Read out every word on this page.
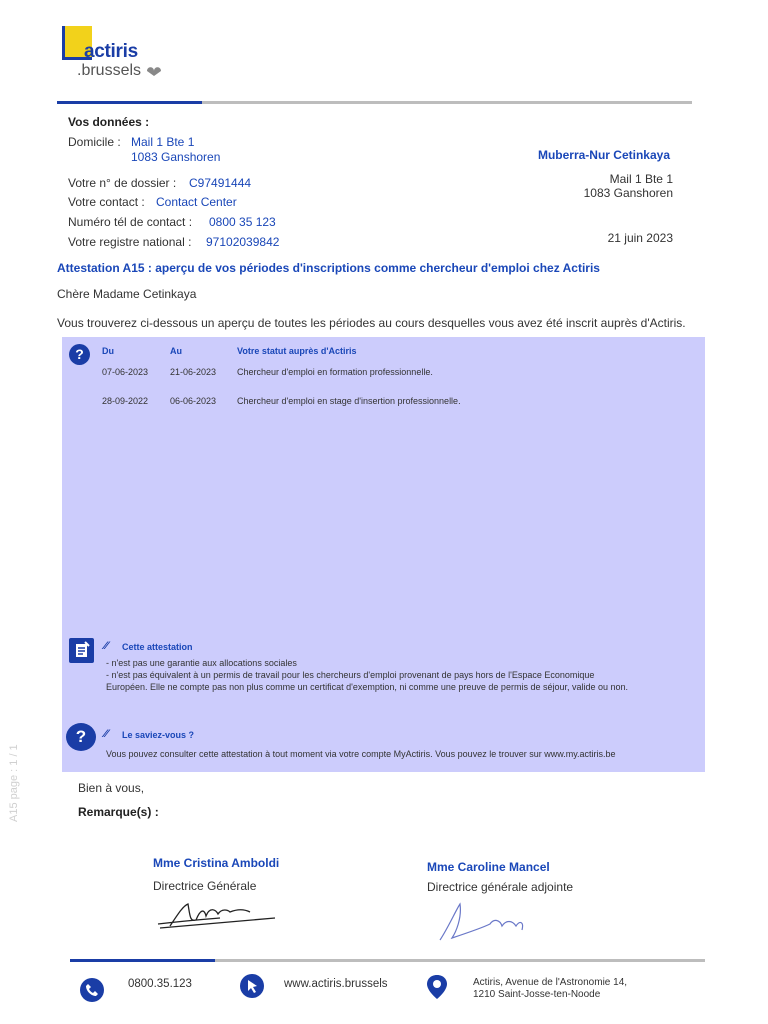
actiris
.brussels
Vos données :
Domicile : Mail 1 Bte 1
1083 Ganshoren
Votre n° de dossier : C97491444
Votre contact : Contact Center
Numéro tél de contact : 0800 35 123
Votre registre national : 97102039842
Muberra-Nur Cetinkaya
Mail 1 Bte 1
1083 Ganshoren
21 juin 2023
Attestation A15 : aperçu de vos périodes d'inscriptions comme chercheur d'emploi chez Actiris
Chère Madame Cetinkaya
Vous trouverez ci-dessous un aperçu de toutes les périodes au cours desquelles vous avez été inscrit auprès d'Actiris.
?	Du	Au	Votre statut auprès d'Actiris
07-06-2023 21-06-2023 Chercheur d'emploi en formation professionnelle.
28-09-2022 06-06-2023 Chercheur d'emploi en stage d'insertion professionnelle.
⁄⁄ Cette attestation
- n'est pas une garantie aux allocations sociales
- n'est pas équivalent à un permis de travail pour les chercheurs d'emploi provenant de pays hors de l'Espace Economique
Européen. Elle ne compte pas non plus comme un certificat d'exemption, ni comme une preuve de permis de séjour, valide ou non.
?	⁄⁄ Le saviez-vous ?
Vous pouvez consulter cette attestation à tout moment via votre compte MyActiris. Vous pouvez le trouver sur www.my.actiris.be
Bien à vous,
Remarque(s) :
Mme Cristina Amboldi
Directrice Générale
Mme Caroline Mancel
Directrice générale adjointe
A15 page : 1 / 1
0800.35.123	www.actiris.brussels	Actiris, Avenue de l'Astronomie 14,
1210 Saint-Josse-ten-Noode
